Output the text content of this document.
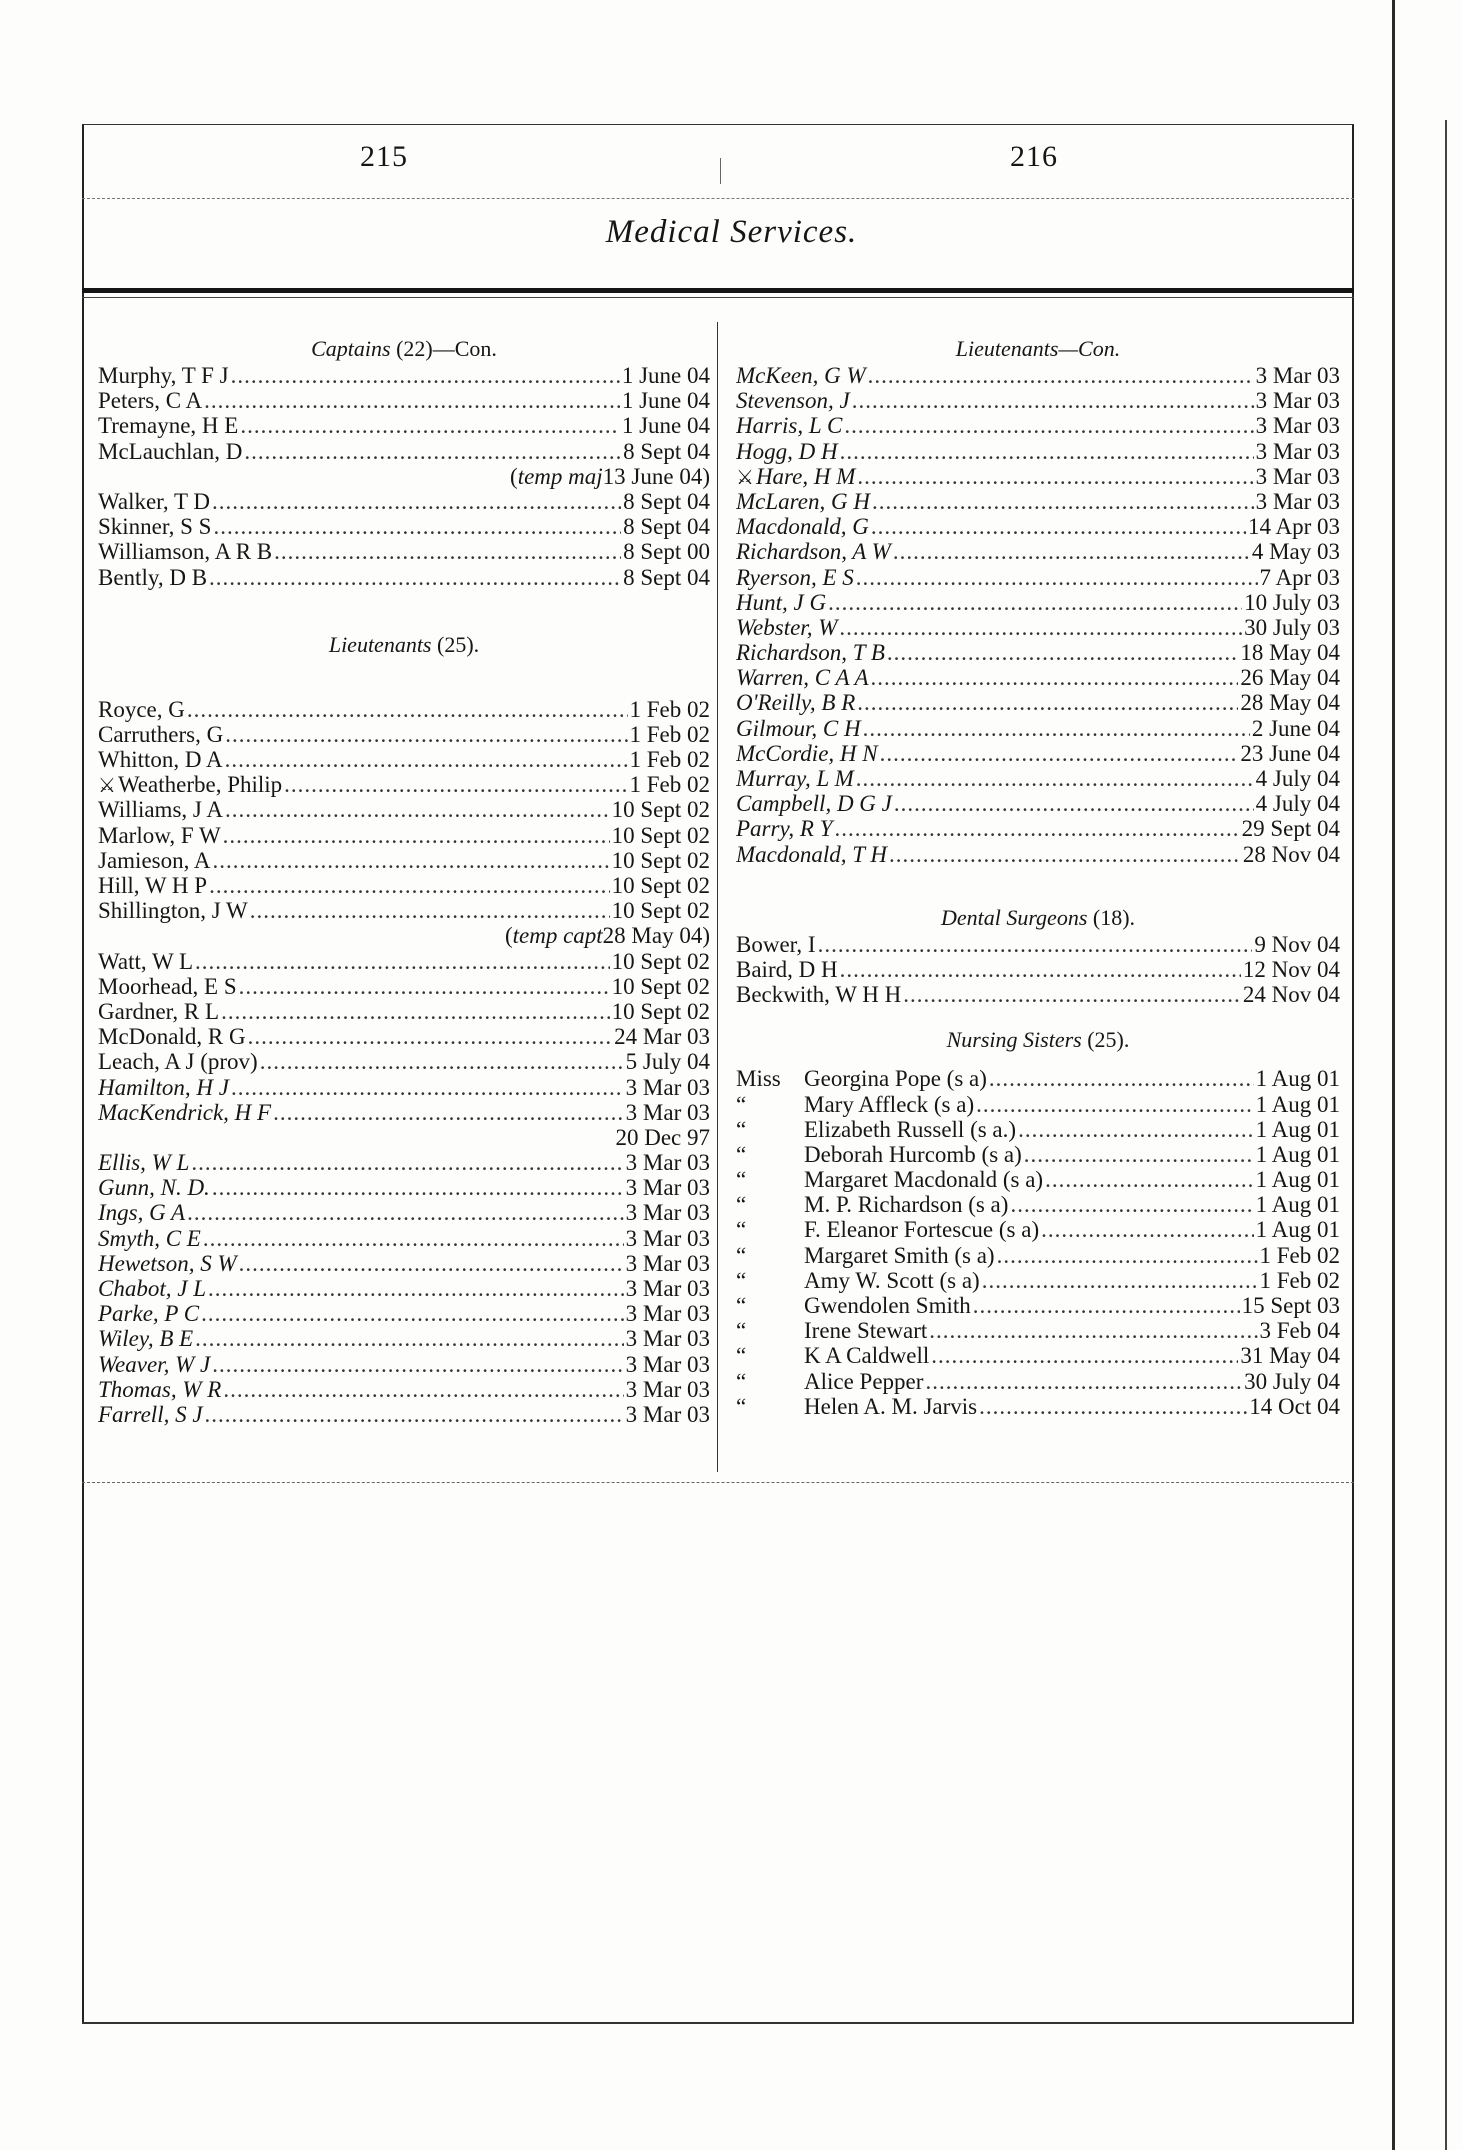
215	216
Medical Services.
Captains (22)—Con.
Murphy, T F J .....	1 June 04
Peters, C A .....	1 June 04
Tremayne, H E .....	1 June 04
McLauchlan, D .....	8 Sept 04
( temp maj 13 June 04)
Walker, T D .....	8 Sept 04
Skinner, S S .....	8 Sept 04
Williamson, A R B .....	8 Sept 00
Bently, D B .....	8 Sept 04
Lieutenants (25).
Royce, G .....	1 Feb 02
Carruthers, G .....	1 Feb 02
Whitton, D A .....	1 Feb 02
⚔ Weatherbe, Philip .....	1 Feb 02
Williams, J A .....	10 Sept 02
Marlow, F W .....	10 Sept 02
Jamieson, A .....	10 Sept 02
Hill, W H P .....	10 Sept 02
Shillington, J W .....	10 Sept 02
( temp capt 28 May 04)
Watt, W L .....	10 Sept 02
Moorhead, E S .....	10 Sept 02
Gardner, R L .....	10 Sept 02
McDonald, R G .....	24 Mar 03
Leach, A J (prov) .....	5 July 04
Hamilton, H J .....	3 Mar 03
MacKendrick, H F .....	3 Mar 03
20 Dec 97
Ellis, W L .....	3 Mar 03
Gunn, N. D. .....	3 Mar 03
Ings, G A .....	3 Mar 03
Smyth, C E .....	3 Mar 03
Hewetson, S W .....	3 Mar 03
Chabot, J L .....	3 Mar 03
Parke, P C .....	3 Mar 03
Wiley, B E .....	3 Mar 03
Weaver, W J .....	3 Mar 03
Thomas, W R .....	3 Mar 03
Farrell, S J .....	3 Mar 03
Lieutenants—Con.
McKeen, G W .....	3 Mar 03
Stevenson, J .....	3 Mar 03
Harris, L C .....	3 Mar 03
Hogg, D H .....	3 Mar 03
⚔ Hare, H M .....	3 Mar 03
McLaren, G H .....	3 Mar 03
Macdonald, G .....	14 Apr 03
Richardson, A W .....	4 May 03
Ryerson, E S .....	7 Apr 03
Hunt, J G .....	10 July 03
Webster, W .....	30 July 03
Richardson, T B .....	18 May 04
Warren, C A A .....	26 May 04
O'Reilly, B R .....	28 May 04
Gilmour, C H .....	2 June 04
McCordie, H N .....	23 June 04
Murray, L M .....	4 July 04
Campbell, D G J .....	4 July 04
Parry, R Y .....	29 Sept 04
Macdonald, T H .....	28 Nov 04
Dental Surgeons (18).
Bower, I .....	9 Nov 04
Baird, D H .....	12 Nov 04
Beckwith, W H H .....	24 Nov 04
Nursing Sisters (25).
Miss	Georgina Pope (s a) .....	1 Aug 01
“	Mary Affleck (s a) .....	1 Aug 01
“	Elizabeth Russell (s a.) .....	1 Aug 01
“	Deborah Hurcomb (s a) .....	1 Aug 01
“	Margaret Macdonald (s a) .....	1 Aug 01
“	M. P. Richardson (s a) .....	1 Aug 01
“	F. Eleanor Fortescue (s a) .....	1 Aug 01
“	Margaret Smith (s a) .....	1 Feb 02
“	Amy W. Scott (s a) .....	1 Feb 02
“	Gwendolen Smith .....	15 Sept 03
“	Irene Stewart .....	3 Feb 04
“	K A Caldwell .....	31 May 04
“	Alice Pepper .....	30 July 04
“	Helen A. M. Jarvis .....	14 Oct 04
